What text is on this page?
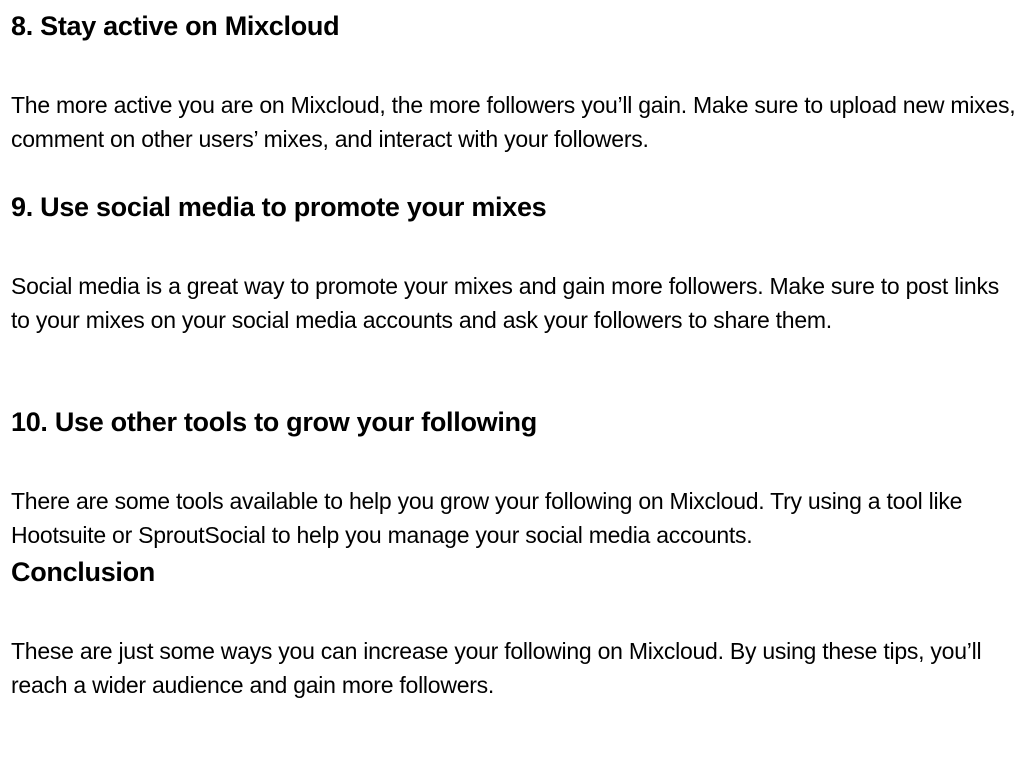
8. Stay active on Mixcloud

The more active you are on Mixcloud, the more followers you’ll gain. Make sure to upload new mixes, comment on other users’ mixes, and interact with your followers.

9. Use social media to promote your mixes

Social media is a great way to promote your mixes and gain more followers. Make sure to post links to your mixes on your social media accounts and ask your followers to share them.

10. Use other tools to grow your following

There are some tools available to help you grow your following on Mixcloud. Try using a tool like Hootsuite or SproutSocial to help you manage your social media accounts.

Conclusion

These are just some ways you can increase your following on Mixcloud. By using these tips, you’ll reach a wider audience and gain more followers.
